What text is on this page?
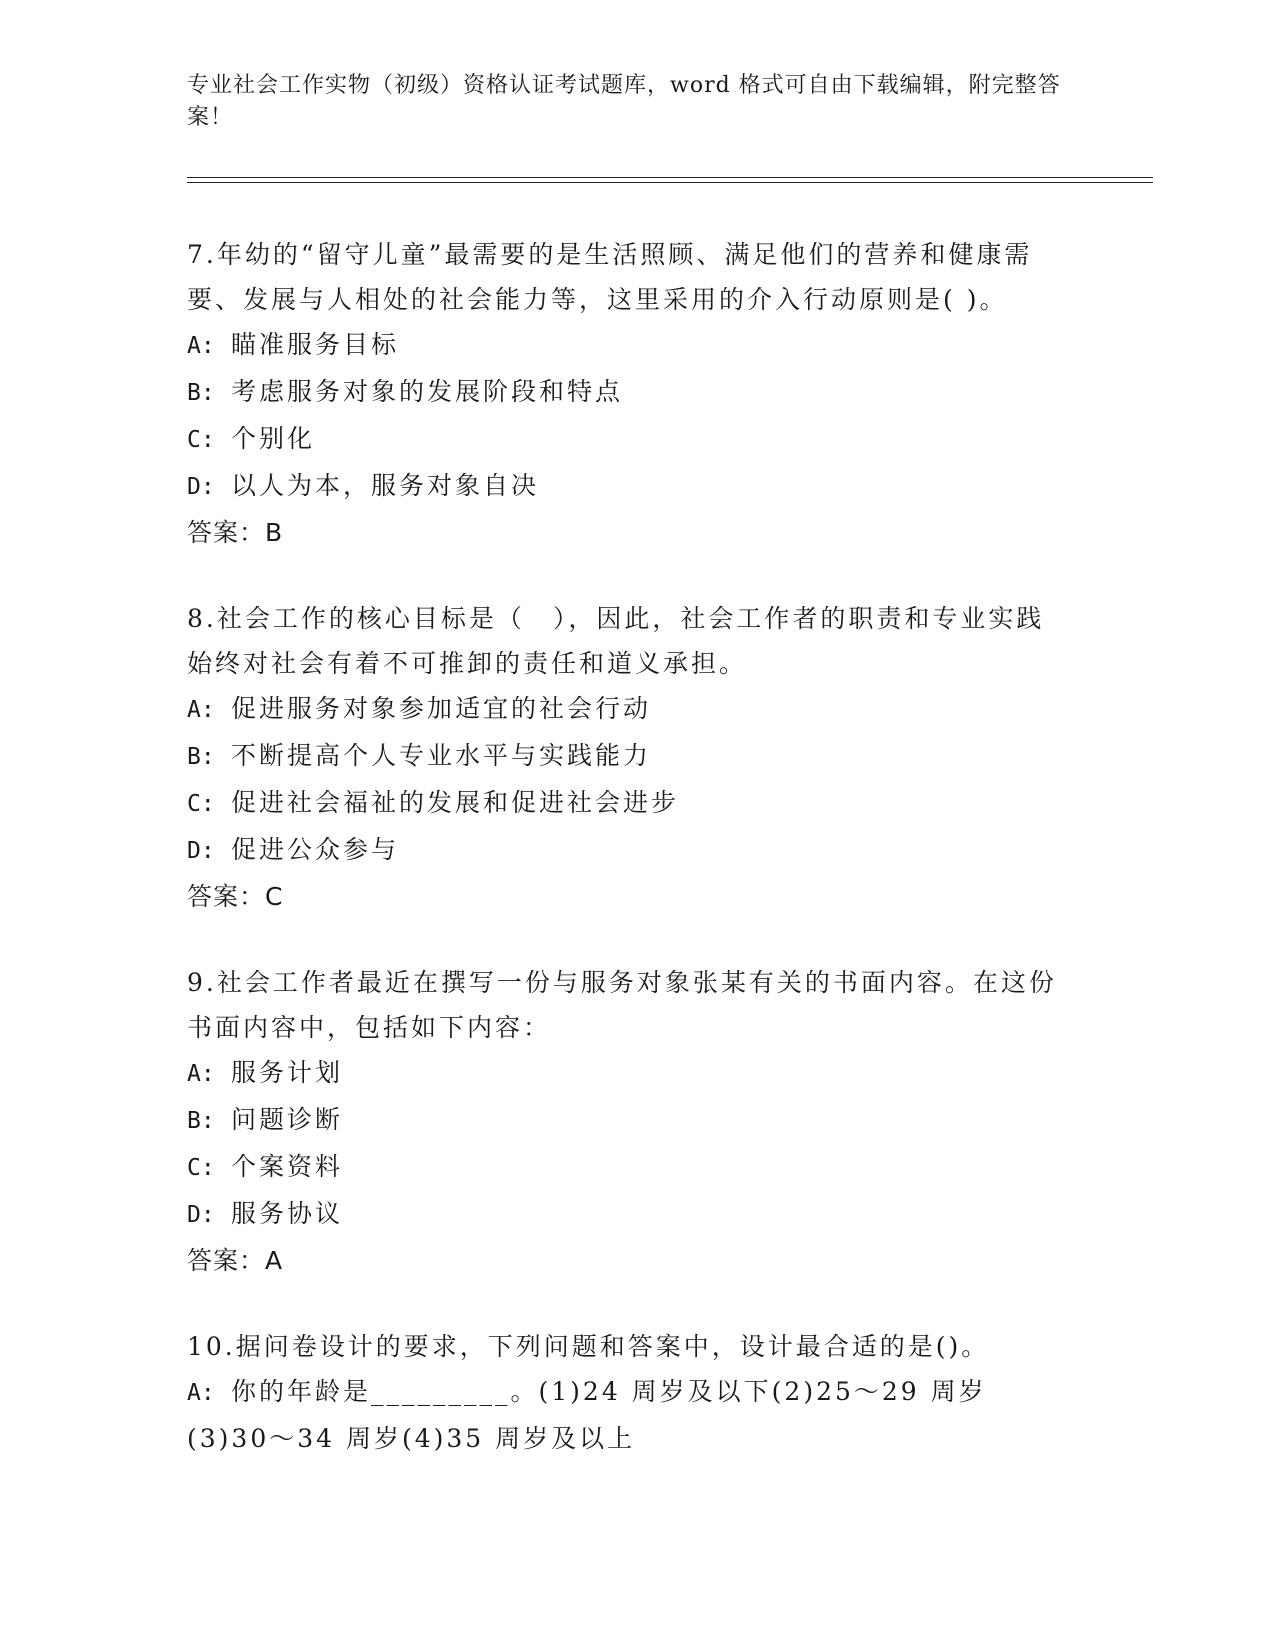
专业社会工作实物（初级）资格认证考试题库，word 格式可自由下载编辑，附完整答案！

7.年幼的“留守儿童”最需要的是生活照顾、满足他们的营养和健康需要、发展与人相处的社会能力等，这里采用的介入行动原则是( )。

A: 瞄准服务目标

B: 考虑服务对象的发展阶段和特点

C: 个别化

D: 以人为本，服务对象自决

答案：B

8.社会工作的核心目标是（　），因此，社会工作者的职责和专业实践始终对社会有着不可推卸的责任和道义承担。

A: 促进服务对象参加适宜的社会行动

B: 不断提高个人专业水平与实践能力

C: 促进社会福祉的发展和促进社会进步

D: 促进公众参与

答案：C

9.社会工作者最近在撰写一份与服务对象张某有关的书面内容。在这份书面内容中，包括如下内容：

A: 服务计划

B: 问题诊断

C: 个案资料

D: 服务协议

答案：A

10.据问卷设计的要求，下列问题和答案中，设计最合适的是()。

A: 你的年龄是_________。(1)24 周岁及以下(2)25～29 周岁(3)30～34 周岁(4)35 周岁及以上
